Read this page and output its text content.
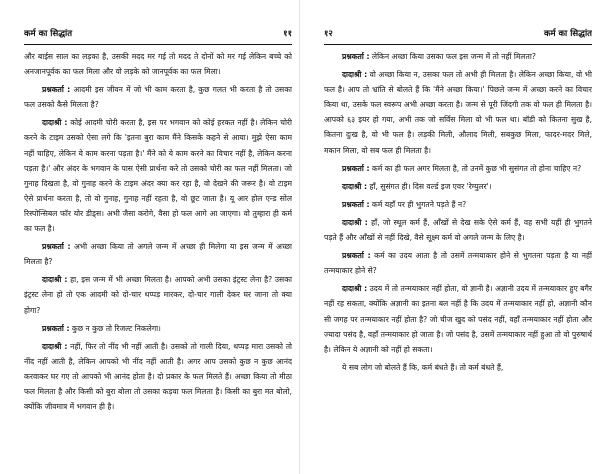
कर्म का सिद्धांत	११

और बाईस साल का लड़का है, उसकी मदद मर गई तो मदद ते दोनों को मर गई लेकिन बच्चे को अनजानपूर्वक का फल मिला और वो लड़के को जानपूर्वक का फल मिला।

प्रश्नकर्ता : आदमी इस जीवन में जो भी काम करता है, कुछ गलत भी करता है तो उसका फल उसको कैसे मिलता है?

दादाश्री : कोई आदमी चोरी करता है, इस पर भगवान को कोई हरकत नहीं है। लेकिन चोरी करने के टाइम उसको ऐसा लगे कि 'इतना बुरा काम मैंने किसके कहने से आया। मुझे ऐसा काम नहीं चाहिए, लेकिन ये काम करना पड़ता है।' मैंने को ये काम करने का विचार नहीं है, लेकिन करना पड़ता है।' और अंदर के भगवान के पास ऐसी प्रार्थना करे तो उसको चोरी का फल नहीं मिलता। जो गुनाह दिखता है, वो गुनाह करने के टाइम अंदर क्या कर रहा है, वो देखने की जरूर है। वो टाइम ऐसे प्रार्थना करता है, तो वो गुनाह, गुनाह नहीं रहता है, वो छूट जाता है। यू आर होल एन्ड सोल रिस्पोन्सिबल फॉर योर डीड्स। अभी जैसा करोगे, वैसा हो फल आगे आ जाएगा। वो तुम्हारा ही कर्म का फल है।

प्रश्नकर्ता : अभी अच्छा किया तो अगले जन्म में अच्छा ही मिलेगा या इस जन्म में अच्छा मिलता है?

दादाश्री : हा, इस जन्म में भी अच्छा मिलता है। आपको अभी उसका इंट्रस्ट लेना है? उसका इंट्रस्ट लेना हो तो एक आदमी को दो-चार थप्पड़ मारकर, दो-चार गाली देकर घर जाना तो क्या होगा?

प्रश्नकर्ता : कुछ न कुछ तो रिजल्ट निकलेगा।

दादाश्री : नहीं, फिर तो नींद भी नहीं आती है। उसको तो गाली दिया, थप्पड़ मारा उसको तो नींद नहीं आती है, लेकिन आपको भी नींद नहीं आती है। अगर आप उसको कुछ न कुछ आनंद करवाकर घर गए तो आपको भी आनंद होता है। दो प्रकार के फल मिलते हैं। अच्छा किया तो मीठा फल मिलता है और किसी को बुरा बोला तो उसका कड़वा फल मिलता है। किसी का बुरा मत बोलो, क्योंकि जीवमात्र में भगवान ही है।

१२	कर्म का सिद्धांत

प्रश्नकर्ता : लेकिन अच्छा किया उसका फल इस जन्म में तो नहीं मिलता?

दादाश्री : वो अच्छा किया न, उसका फल तो अभी ही मिलता है। लेकिन अच्छा किया, वो भी फल है। आप तो भ्रांति से बोलते हैं कि 'मैंने अच्छा किया।' पिछले जन्म में अच्छा करने का विचार किया था, उसके फल स्वरूप अभी अच्छा करता है। जन्म से पूरी जिंदगी तक वो फल ही मिलता है। आपको ६३ इयर हो गया, अभी तक जो सर्विस मिला वो भी फल था। बॉडी को कितना सुख है, कितना दुःख है, वो भी फल है। लड़की मिली, औलाद मिली, सबकुछ मिला, फादर-मदर मिले, मकान मिला, वो सब फल ही मिलता है।

प्रश्नकर्ता : कर्म का ही फल अगर मिलता है, तो उनमें कुछ भी सुसंगत तो होना चाहिए न?

दादाश्री : हाँ, सुसंगत ही। दिस वर्ल्ड इज एवर 'रेग्युलर'।

प्रश्नकर्ता : कर्म यहाँ पर ही भुगतने पड़ते हैं न?

दादाश्री : हाँ, जो स्थूल कर्म हैं, आँखों से देख सके ऐसे कर्म हैं, वह सभी यहीं ही भुगतने पड़ते हैं और आँखों से नहीं दिखे, वैसे सूक्ष्म कर्म वो अगले जन्म के लिए है।

प्रश्नकर्ता : कर्म का उदय आता है तो उसमें तन्मयाकार होने से भुगतना पड़ता है या नहीं तन्मयाकार होने से?

दादाश्री : उदय में तो तन्मयाकार नहीं होता, वो ज्ञानी है। अज्ञानी उदय में तन्मयाकार हुए बगैर नहीं रह सकता, क्योंकि अज्ञानी का इतना बल नहीं है कि उदय में तन्मयाकार नहीं हो, अज्ञानी कौन सी जगह पर तन्मयाकार नहीं होता है? जो चीज खुद को पसंद नहीं, वहाँ तन्मयाकार नहीं होता और ज्यादा पसंद है, वहाँ तन्मयाकार हो जाता है। जो पसंद है, उसमें तन्मयाकार नहीं हुआ तो वो पुरुषार्थ है। लेकिन ये अज्ञानी को नहीं हो सकता।

ये सब लोग जो बोलते हैं कि, कर्म बंधते हैं। तो कर्म बंधते हैं,
